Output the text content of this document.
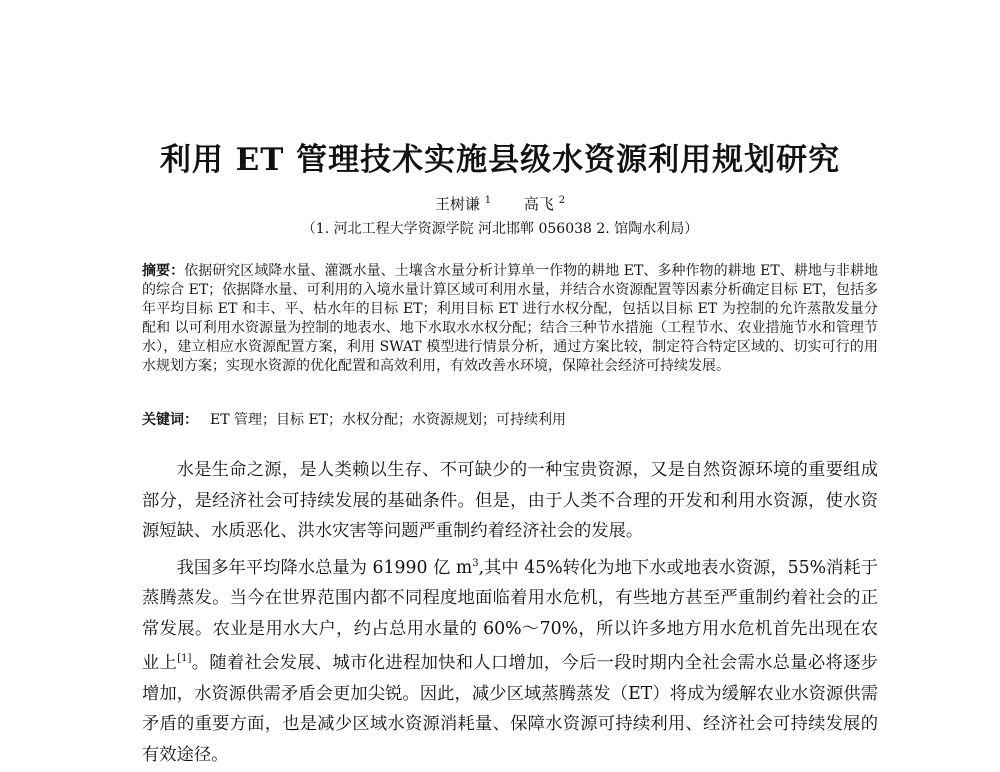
利用 ET 管理技术实施县级水资源利用规划研究
王树谦 $^1$ 高飞 $^2$
（1. 河北工程大学资源学院 河北邯郸 056038 2. 馆陶水利局）

摘要：依据研究区域降水量、灌溉水量、土壤含水量分析计算单一作物的耕地 ET、多种作物的耕地 ET、耕地与非耕地的综合 ET；依据降水量、可利用的入境水量计算区域可利用水量，并结合水资源配置等因素分析确定目标 ET，包括多年平均目标 ET 和丰、平、枯水年的目标 ET；利用目标 ET 进行水权分配，包括以目标 ET 为控制的允许蒸散发量分配和 以可利用水资源量为控制的地表水、地下水取水水权分配；结合三种节水措施（工程节水、农业措施节水和管理节水），建立相应水资源配置方案，利用 SWAT 模型进行情景分析，通过方案比较，制定符合特定区域的、切实可行的用水规划方案；实现水资源的优化配置和高效利用，有效改善水环境，保障社会经济可持续发展。

关键词： ET 管理；目标 ET；水权分配；水资源规划；可持续利用

水是生命之源，是人类赖以生存、不可缺少的一种宝贵资源，又是自然资源环境的重要组成部分，是经济社会可持续发展的基础条件。但是，由于人类不合理的开发和利用水资源，使水资源短缺、水质恶化、洪水灾害等问题严重制约着经济社会的发展。

我国多年平均降水总量为 61990 亿 $m^3$,其中 45%转化为地下水或地表水资源，55%消耗于蒸腾蒸发。当今在世界范围内都不同程度地面临着用水危机，有些地方甚至严重制约着社会的正常发展。农业是用水大户，约占总用水量的 60%～70%，所以许多地方用水危机首先出现在农业上[1]。随着社会发展、城市化进程加快和人口增加，今后一段时期内全社会需水总量必将逐步增加，水资源供需矛盾会更加尖锐。因此，减少区域蒸腾蒸发（ET）将成为缓解农业水资源供需矛盾的重要方面，也是减少区域水资源消耗量、保障水资源可持续利用、经济社会可持续发展的有效途径。
